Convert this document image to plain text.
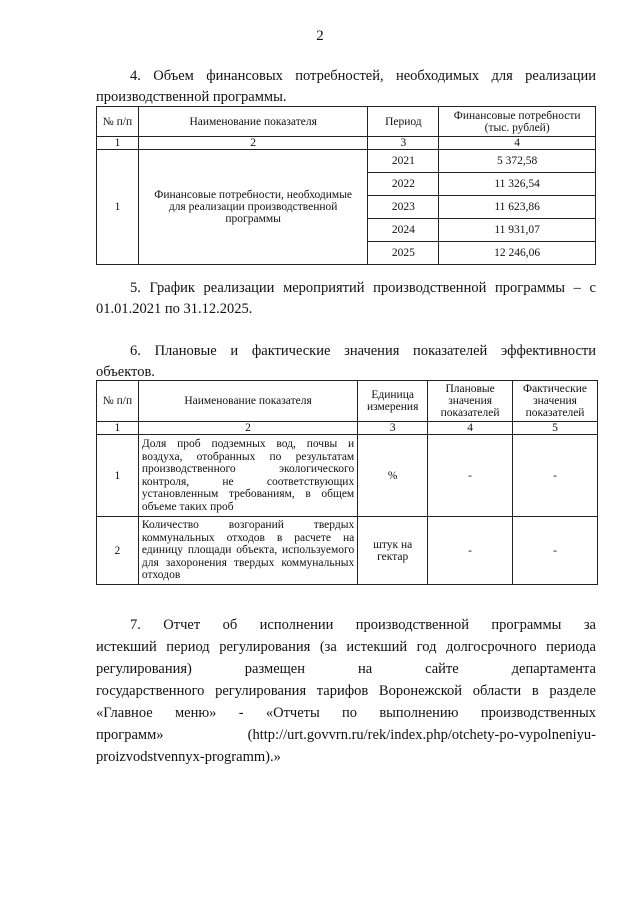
2
4. Объем финансовых потребностей, необходимых для реализации
производственной программы.
№ п/п	Наименование показателя	Период	Финансовые потребности (тыс. рублей)
1	2	3	4
1	Финансовые потребности, необходимые для реализации производственной программы	2021	5 372,58
		2022	11 326,54
		2023	11 623,86
		2024	11 931,07
		2025	12 246,06
5. График реализации мероприятий производственной программы – с
01.01.2021 по 31.12.2025.
6. Плановые и фактические значения показателей эффективности
объектов.
№ п/п	Наименование показателя	Единица измерения	Плановые значения показателей	Фактические значения показателей
1	2	3	4	5
1	Доля проб подземных вод, почвы и воздуха, отобранных по результатам производственного экологического контроля, не соответствующих установленным требованиям, в общем объеме таких проб	%	-	-
2	Количество возгораний твердых коммунальных отходов в расчете на единицу площади объекта, используемого для захоронения твердых коммунальных отходов	штук на гектар	-	-
7. Отчет об исполнении производственной программы за
истекший период регулирования (за истекший год долгосрочного периода
регулирования) размещен на сайте департамента
государственного регулирования тарифов Воронежской области в разделе
«Главное меню» - «Отчеты по выполнению производственных
программ» (http://urt.govvrn.ru/rek/index.php/otchety-po-vypolneniyu-
proizvodstvennyx-programm).»
